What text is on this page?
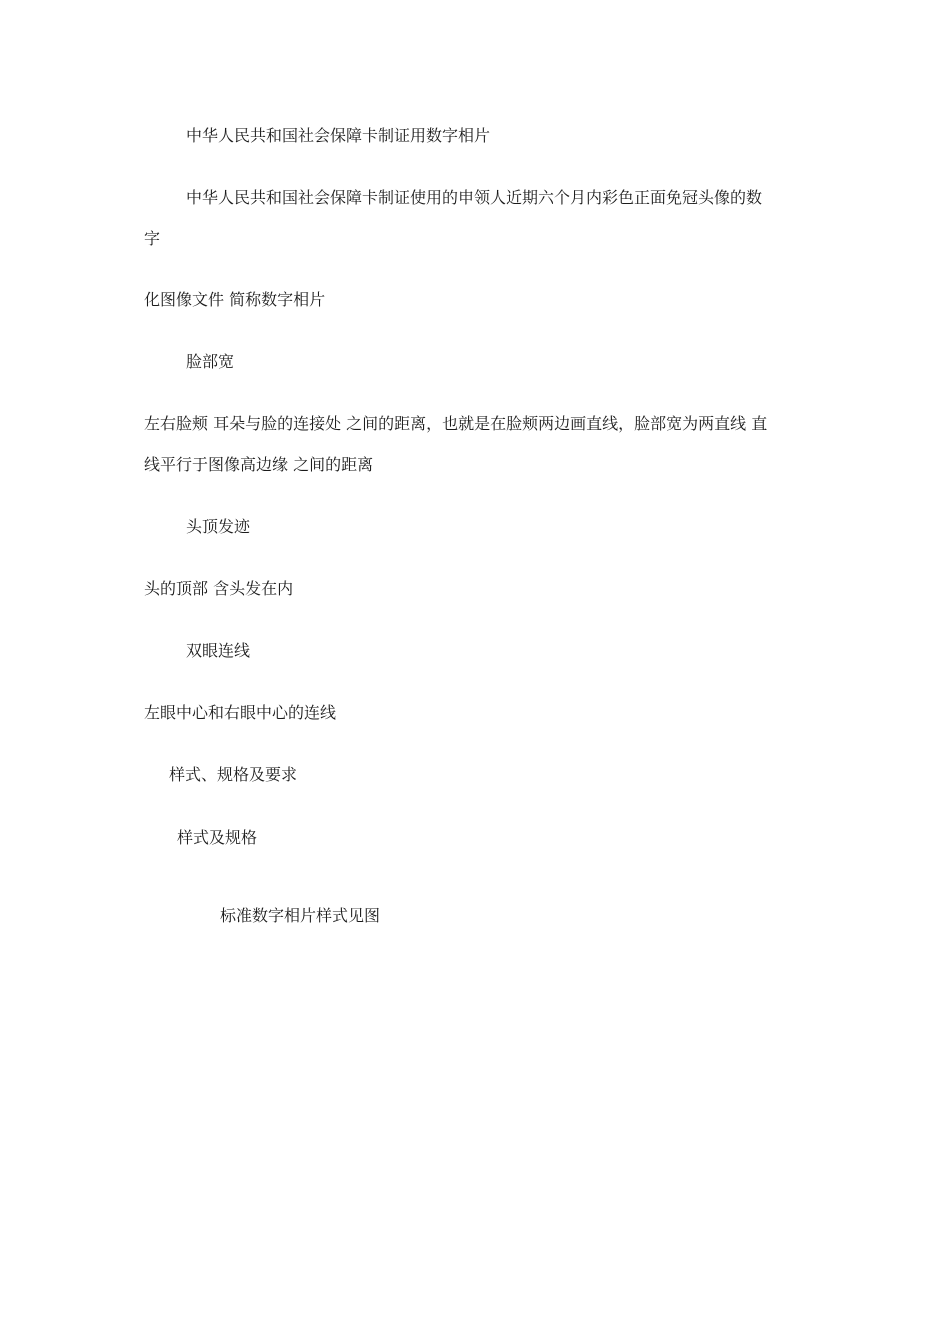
中华人民共和国社会保障卡制证用数字相片
中华人民共和国社会保障卡制证使用的申领人近期六个月内彩色正面免冠头像的数
字
化图像文件 简称数字相片
脸部宽
左右脸颊 耳朵与脸的连接处 之间的距离，也就是在脸颊两边画直线，脸部宽为两直线 直
线平行于图像高边缘 之间的距离
头顶发迹
头的顶部 含头发在内
双眼连线
左眼中心和右眼中心的连线
样式、规格及要求
样式及规格
标准数字相片样式见图
